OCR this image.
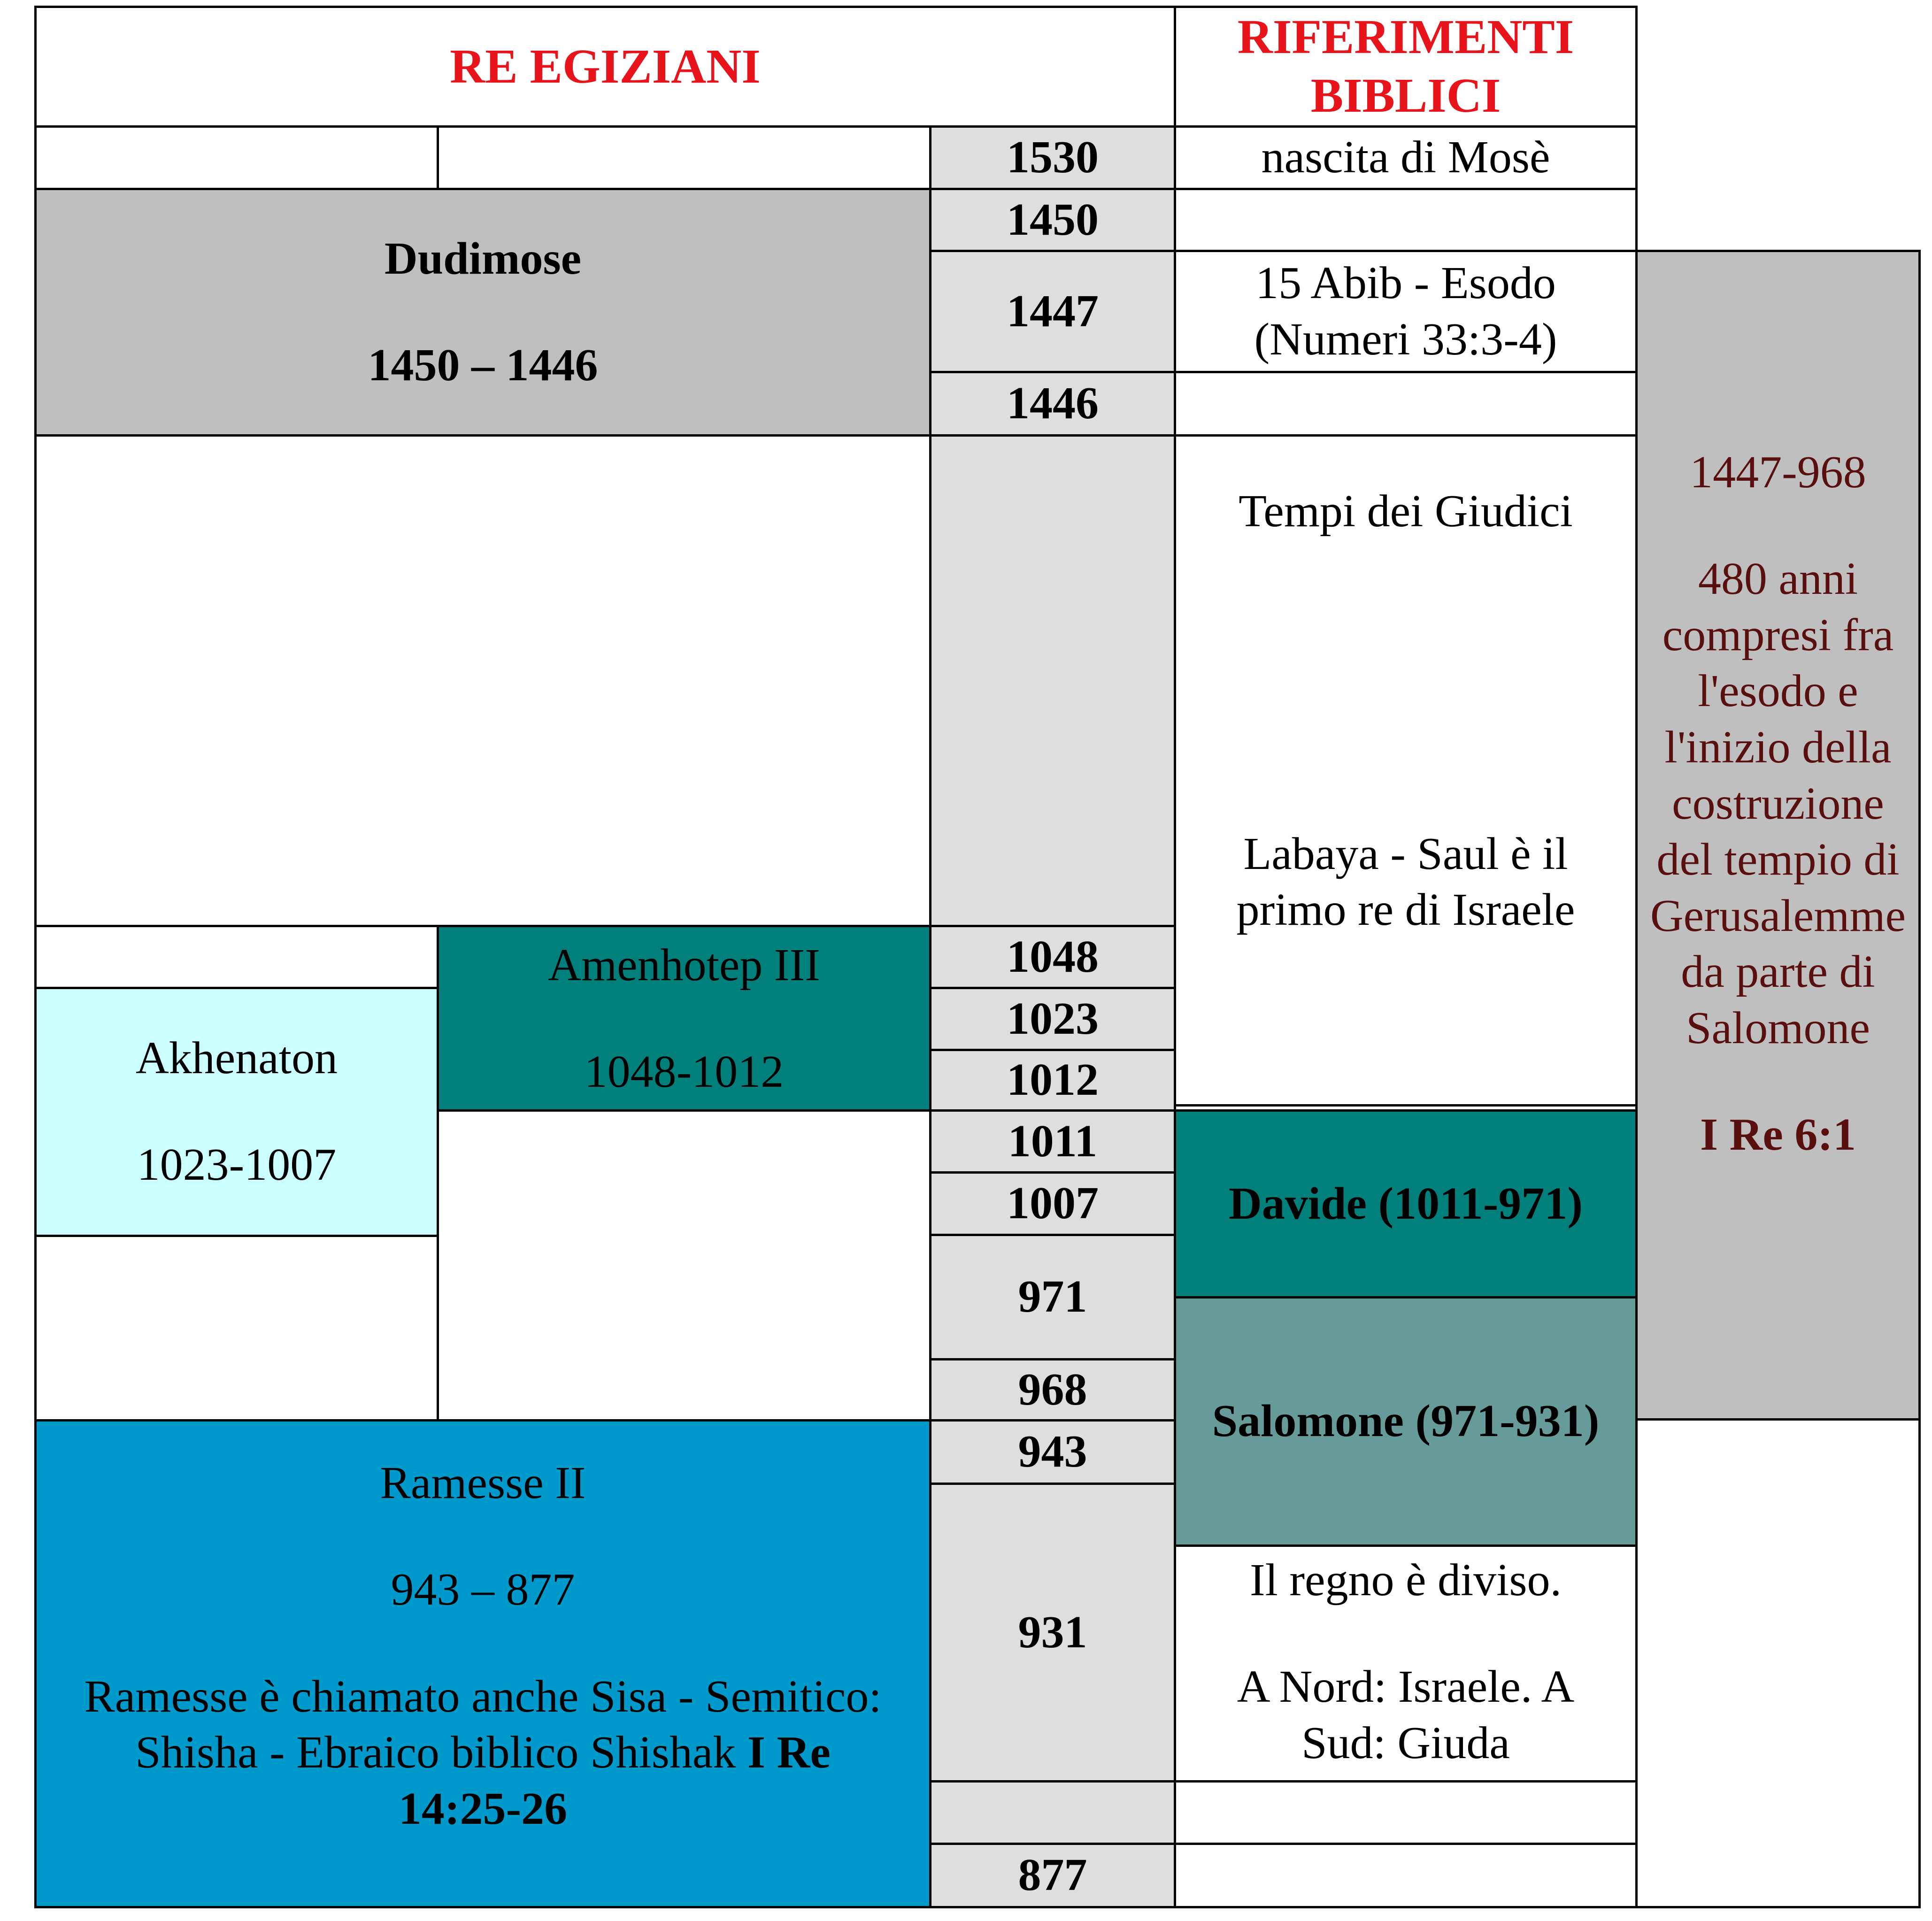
RE EGIZIANI
RIFERIMENTI
BIBLICI
1530	nascita di Mosè
Dudimose
1450 – 1446
1450
1447
15 Abib - Esodo
(Numeri 33:3-4)
1446
1447-968
480 anni
compresi fra
l'esodo e
l'inizio della
costruzione
del tempio di
Gerusalemme
da parte di
Salomone
I Re 6:1
Tempi dei Giudici
Labaya - Saul è il
primo re di Israele
Amenhotep III
1048-1012
Akhenaton
1023-1007
1048
1023
1012
1011
1007	Davide (1011-971)
971
968
Salomone (971-931)
Ramesse II
943 – 877
Ramesse è chiamato anche Sisa - Semitico:
Shisha - Ebraico biblico Shishak I Re
14:25-26
943
931
Il regno è diviso.
A Nord: Israele. A
Sud: Giuda
877
